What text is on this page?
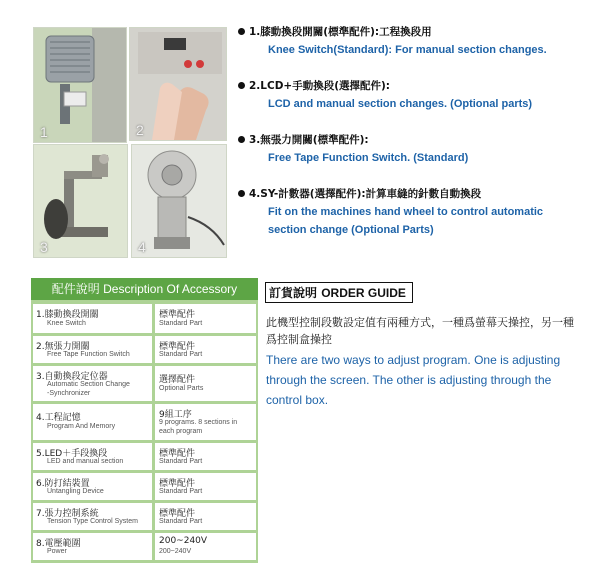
1	2
3	4
1.膝動換段開關(標準配件):工程換段用
Knee Switch(Standard): For manual section changes.
2.LCD+手動換段(選擇配件):
LCD and manual section changes. (Optional parts)
3.無張力開關(標準配件):
Free Tape Function Switch. (Standard)
4.SY-計數器(選擇配件):計算車縫的針數自動換段
Fit on the machines hand wheel to control automatic
section change (Optional Parts)
配件說明 Description Of Accessory
1.膝動換段開關
Knee Switch
標準配件
Standard Part
2.無張力開關
Free Tape Function Switch
標準配件
Standard Part
3.自動換段定位器
Automatic Section Change
-Synchronizer
選擇配件
Optional Parts
4.工程記憶
Program And Memory
9組工序
9 programs. 8 sections in
each program
5.LED＋手段換段
LED and manual section
標準配件
Standard Part
6.防打結裝置
Untangling Device
標準配件
Standard Part
7.張力控制系統
Tension Type Control System
標準配件
Standard Part
8.電壓範圍
Power
200~240V
200~240V
訂貨說明 ORDER GUIDE
此機型控制段數設定值有兩種方式，一種爲螢幕天操控，另一種爲控制盒操控
There are two ways to adjust program. One is adjusting through the screen. The other is adjusting through the control box.
